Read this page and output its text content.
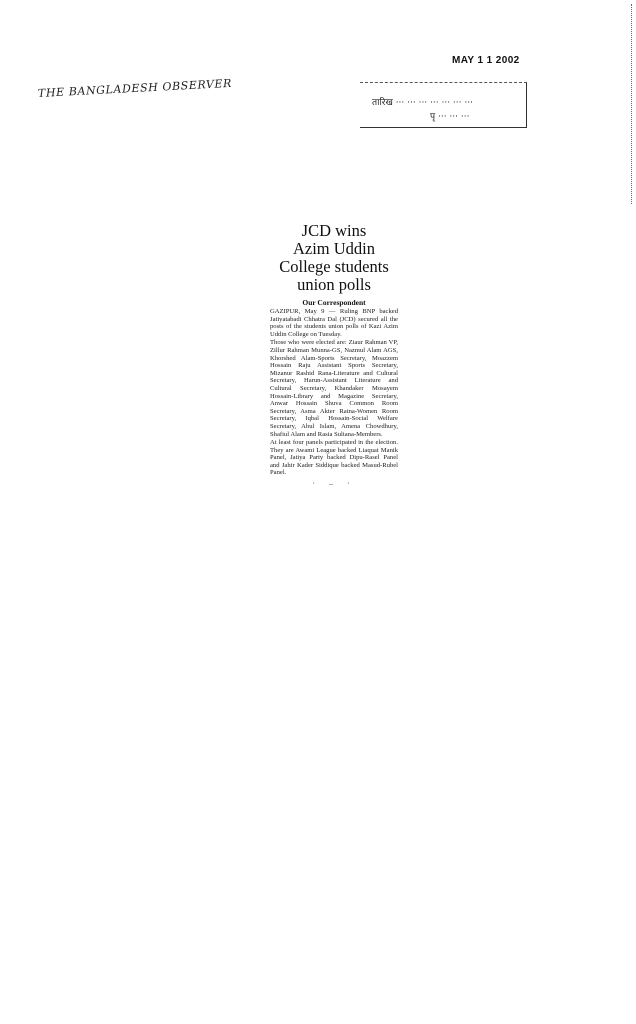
THE BANGLADESH OBSERVER
MAY 1 1 2002
तारिख ··· ··· ··· ··· ··· ··· ···
पृ ··· ··· ···
JCD wins
Azim Uddin
College students
union polls
Our Correspondent

GAZIPUR, May 9 — Ruling BNP backed Jatiyatabadi Chhatra Dal (JCD) secured all the posts of the students union polls of Kazi Azim Uddin College on Tuesday.

Those who were elected are: Ziaur Rahman VP, Zillur Rahman Munna-GS, Nazmul Alam AGS, Khorshed Alam-Sports Secretary, Moazzem Hossain Raju Assistant Sports Secretary, Mizanur Rashid Rana-Literature and Cultural Secretary, Harun-Assistant Literature and Cultural Secretary, Khandaker Mosayem Hossain-Library and Magazine Secretary, Anwar Hossain Shuva Common Room Secretary, Asma Akter Ratna-Women Room Secretary, Iqbal Hossain-Social Welfare Secretary, Abul Islam, Amena Chowdhury, Shafiul Alam and Rasia Sultana-Members.

At least four panels participated in the election. They are Awami League backed Liaquat Manik Panel, Jatiya Party backed Dipu-Rasel Panel and Jahir Kader Siddique backed Masud-Rubel Panel.

· – ·
